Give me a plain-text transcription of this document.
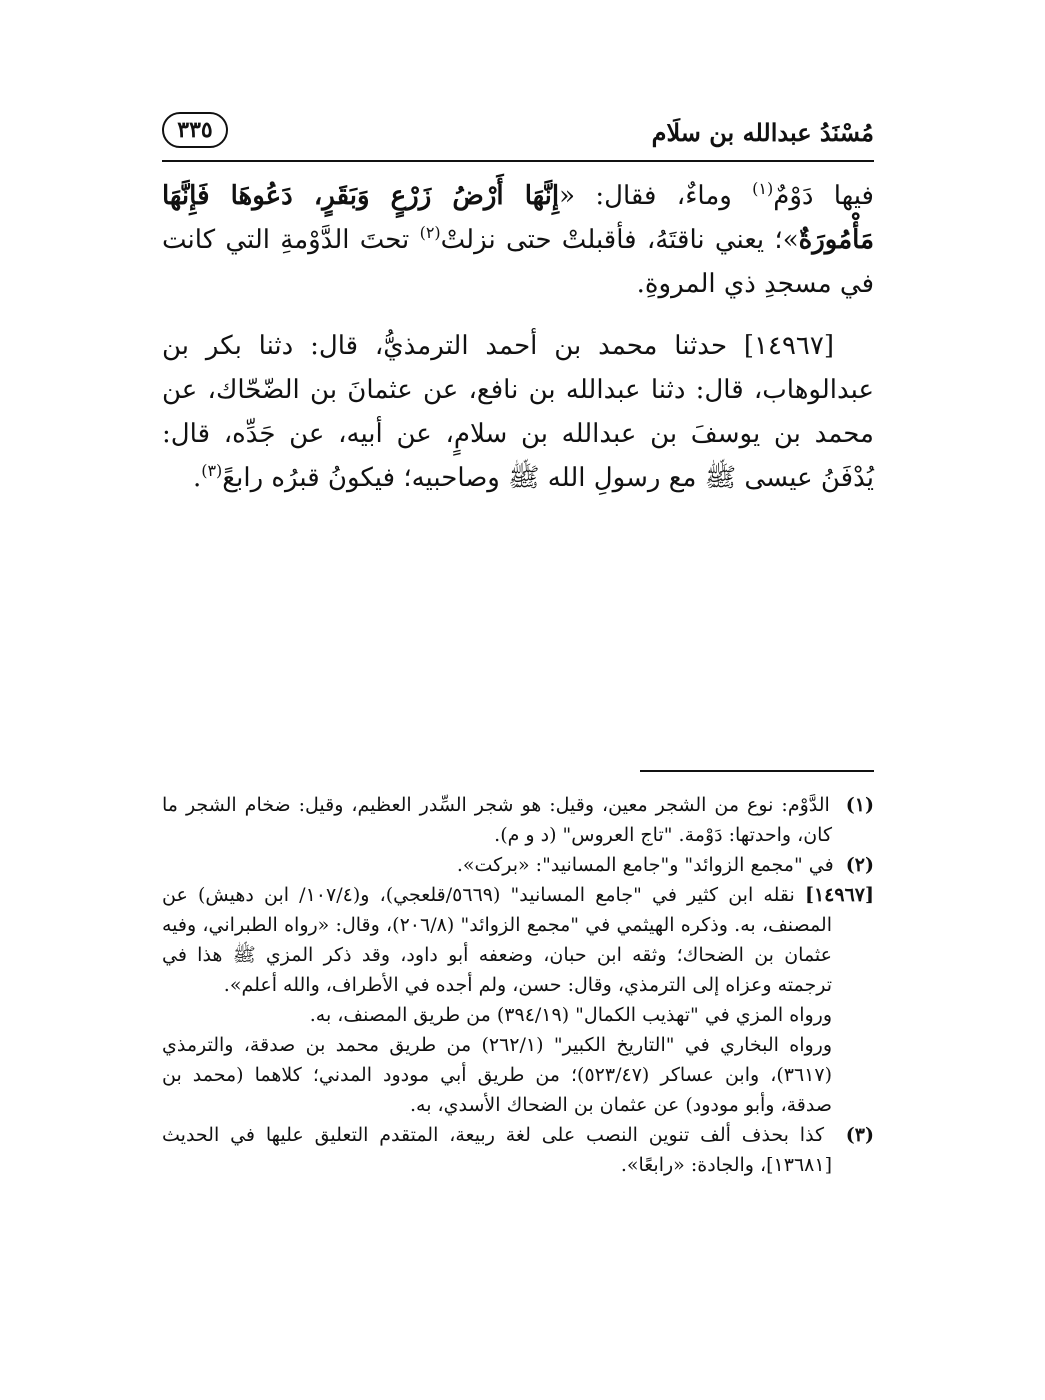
مُسْنَدُ عبدالله بن سلَام
٣٣٥

فيها دَوْمٌ$^{(١)}$ وماءٌ، فقال: «إِنَّهَا أَرْضُ زَرْعٍ وَبَقَرٍ، دَعُوهَا فَإِنَّهَا مَأْمُورَةٌ»؛ يعني ناقتَهُ، فأقبلتْ حتى نزلتْ$^{(٢)}$ تحتَ الدَّوْمةِ التي كانت في مسجدِ ذي المروةِ.

[١٤٩٦٧] حدثنا محمد بن أحمد الترمذيُّ، قال: دثنا بكر بن عبدالوهاب، قال: دثنا عبدالله بن نافع، عن عثمانَ بن الضّحّاك، عن محمد بن يوسفَ بن عبدالله بن سلامٍ، عن أبيه، عن جَدِّه، قال: يُدْفَنُ عيسى ﷺ مع رسولِ الله ﷺ وصاحبيه؛ فيكونُ قبرُه رابعً$^{(٣)}$.

(١)  الدَّوْم: نوع من الشجر معين، وقيل: هو شجر السِّدر العظيم، وقيل: ضخام الشجر ما كان، واحدتها: دَوْمة. "تاج العروس" (د و م).

(٢)  في "مجمع الزوائد" و"جامع المسانيد": «بركت».

[١٤٩٦٧] نقله ابن كثير في "جامع المسانيد" (٥٦٦٩/قلعجي)، و(١٠٧/٤/ ابن دهيش) عن المصنف، به. وذكره الهيثمي في "مجمع الزوائد" (٢٠٦/٨)، وقال: «رواه الطبراني، وفيه عثمان بن الضحاك؛ وثقه ابن حبان، وضعفه أبو داود، وقد ذكر المزي ﷺ هذا في ترجمته وعزاه إلى الترمذي، وقال: حسن، ولم أجده في الأطراف، والله أعلم».

ورواه المزي في "تهذيب الكمال" (٣٩٤/١٩) من طريق المصنف، به.

ورواه البخاري في "التاريخ الكبير" (٢٦٢/١) من طريق محمد بن صدقة، والترمذي (٣٦١٧)، وابن عساكر (٥٢٣/٤٧)؛ من طريق أبي مودود المدني؛ كلاهما (محمد بن صدقة، وأبو مودود) عن عثمان بن الضحاك الأسدي، به.

(٣)  كذا بحذف ألف تنوين النصب على لغة ربيعة، المتقدم التعليق عليها في الحديث [١٣٦٨١]، والجادة: «رابعًا».
